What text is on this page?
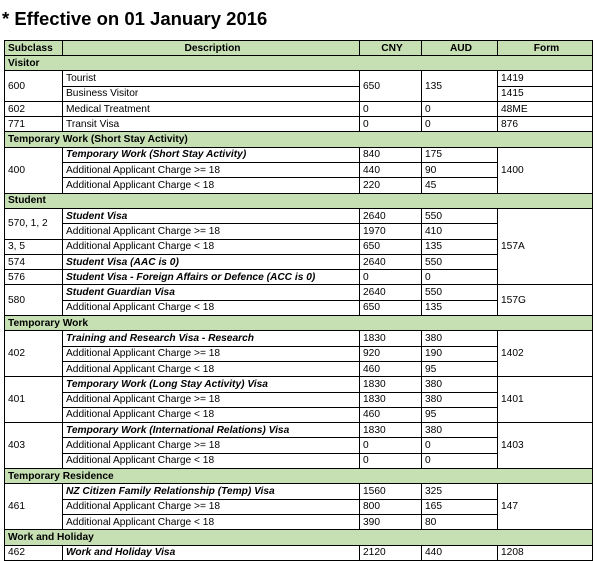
* Effective on 01 January 2016
Subclass	Description	CNY	AUD	Form
Visitor				
600	Tourist	650	135	1419
	Business Visitor			1415
602	Medical Treatment	0	0	48ME
771	Transit Visa	0	0	876
Temporary Work (Short Stay Activity)				
400	Temporary Work (Short Stay Activity)	840	175	1400
	Additional Applicant Charge >= 18	440	90	
	Additional Applicant Charge < 18	220	45	
Student				
570, 1, 2	Student Visa	2640	550	157A
	Additional Applicant Charge >= 18	1970	410	
3, 5	Additional Applicant Charge < 18	650	135	
574	Student Visa (AAC is 0)	2640	550	
576	Student Visa - Foreign Affairs or Defence (ACC is 0)	0	0	
580	Student Guardian Visa	2640	550	157G
	Additional Applicant Charge < 18	650	135	
Temporary Work				
402	Training and Research Visa - Research	1830	380	1402
	Additional Applicant Charge >= 18	920	190	
	Additional Applicant Charge < 18	460	95	
401	Temporary Work (Long Stay Activity) Visa	1830	380	1401
	Additional Applicant Charge >= 18	1830	380	
	Additional Applicant Charge < 18	460	95	
403	Temporary Work (International Relations) Visa	1830	380	1403
	Additional Applicant Charge >= 18	0	0	
	Additional Applicant Charge < 18	0	0	
Temporary Residence				
461	NZ Citizen Family Relationship (Temp) Visa	1560	325	147
	Additional Applicant Charge >= 18	800	165	
	Additional Applicant Charge < 18	390	80	
Work and Holiday				
462	Work and Holiday Visa	2120	440	1208
